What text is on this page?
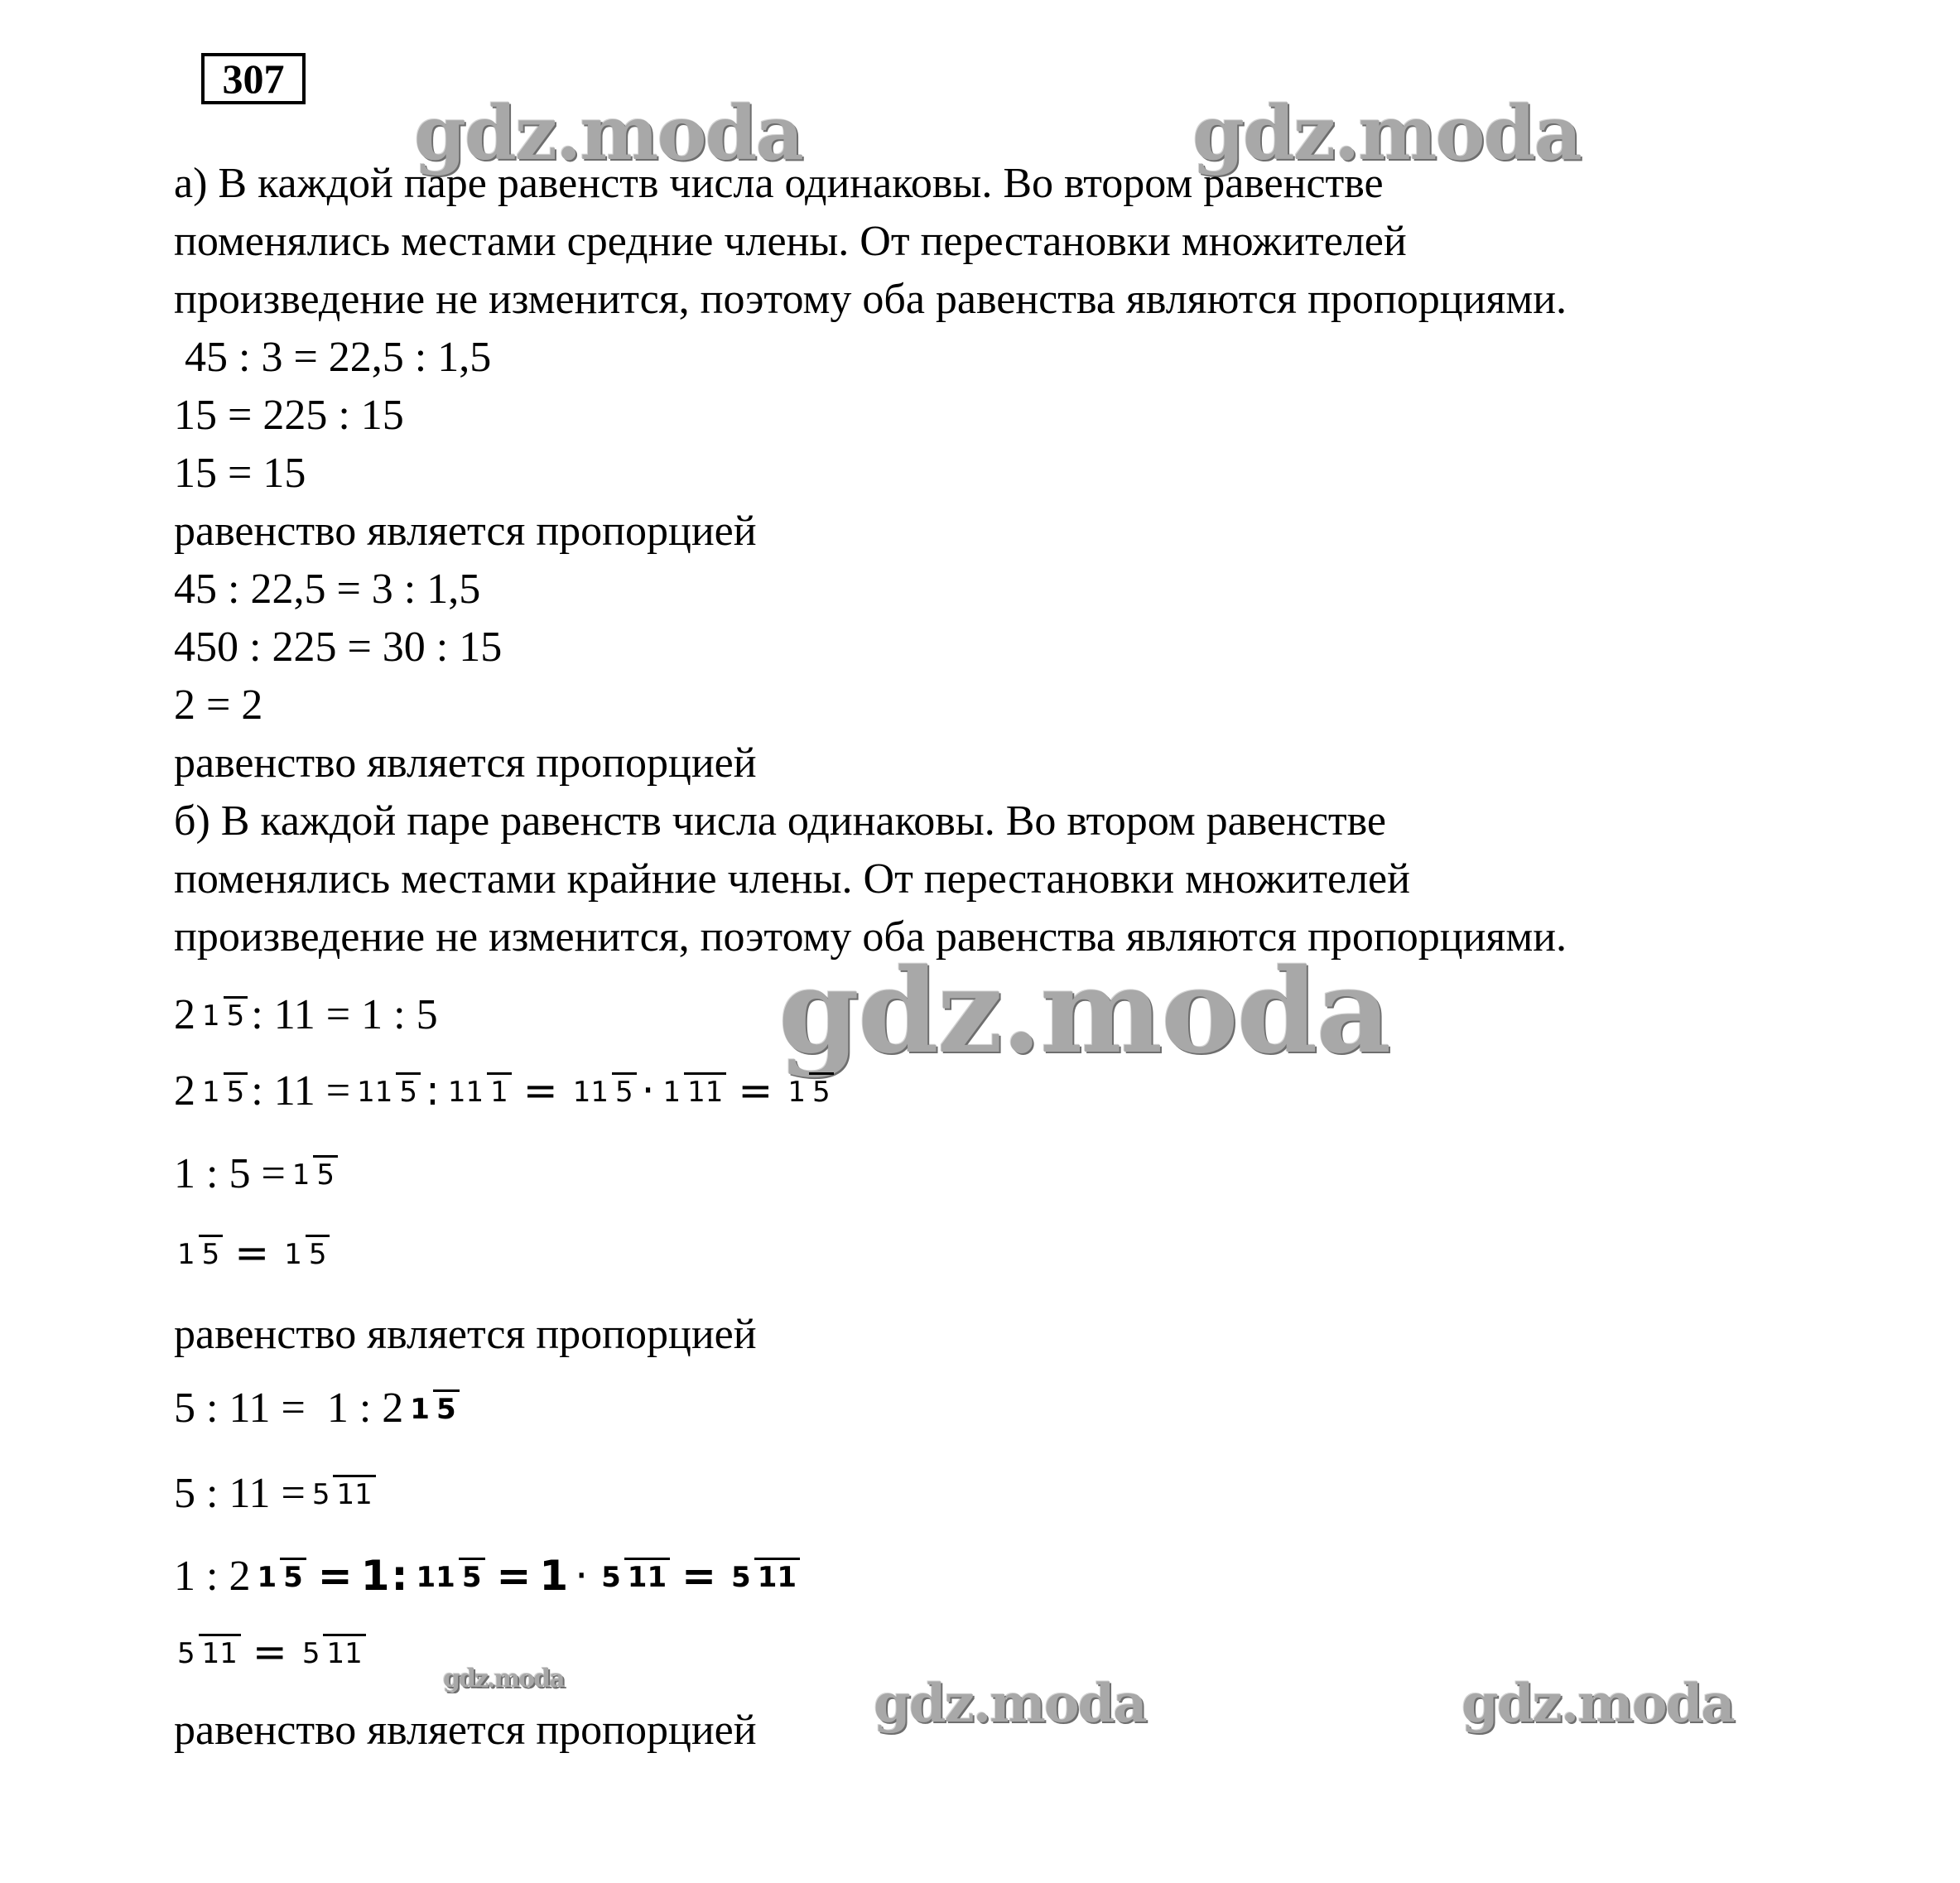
307
gdz.moda	gdz.moda
gdz.moda
gdz.moda	gdz.moda	gdz.moda
а) В каждой паре равенств числа одинаковы. Во втором равенстве
поменялись местами средние члены. От перестановки множителей
произведение не изменится, поэтому оба равенства являются пропорциями.
45 : 3 = 22,5 : 1,5
15 = 225 : 15
15 = 15
равенство является пропорцией
45 : 22,5 = 3 : 1,5
450 : 225 = 30 : 15
2 = 2
равенство является пропорцией
б) В каждой паре равенств числа одинаковы. Во втором равенстве
поменялись местами крайние члены. От перестановки множителей
произведение не изменится, поэтому оба равенства являются пропорциями.
2 1 5 : 11 = 1 : 5
2 1 5 : 11 = 11 5 : 11 1 = 11 5 · 1 11 = 1 5
1 : 5 = 1 5
1 5 = 1 5
равенство является пропорцией
5 : 11 =  1 : 2 1 5
5 : 11 = 5 11
1 : 2 1 5 = 1 : 11 5 = 1 · 5 11 = 5 11
5 11 = 5 11
равенство является пропорцией
